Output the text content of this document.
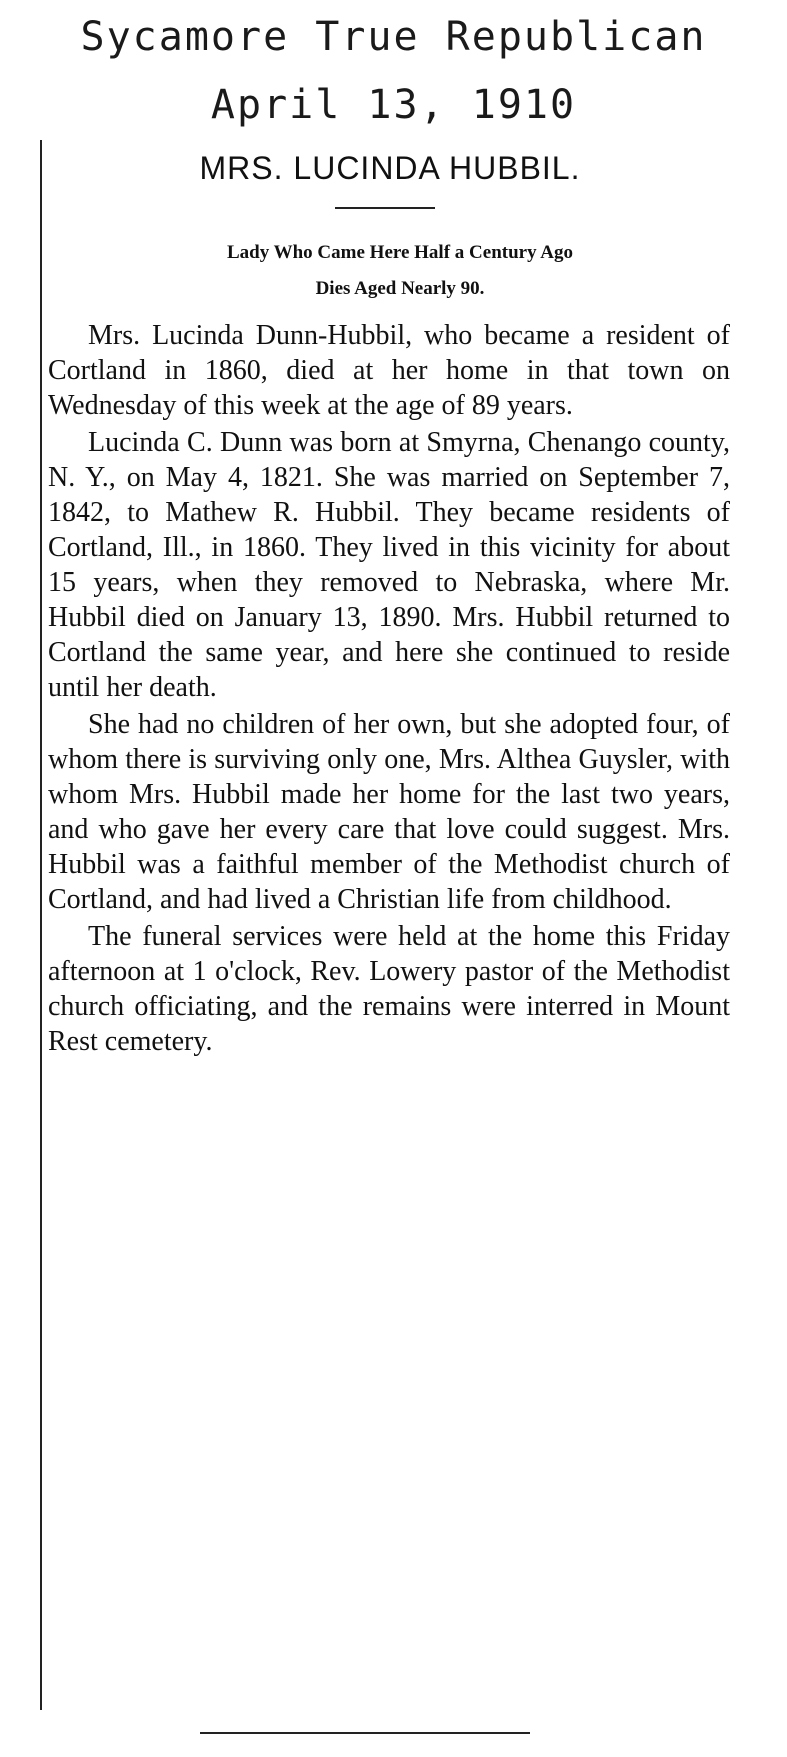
Sycamore True Republican
April 13, 1910
MRS. LUCINDA HUBBIL.
Lady Who Came Here Half a Century Ago
Dies Aged Nearly 90.

Mrs. Lucinda Dunn-Hubbil, who became a resident of Cortland in 1860, died at her home in that town on Wednesday of this week at the age of 89 years.

Lucinda C. Dunn was born at Smyrna, Chenango county, N. Y., on May 4, 1821. She was married on September 7, 1842, to Mathew R. Hubbil. They became residents of Cortland, Ill., in 1860. They lived in this vicinity for about 15 years, when they removed to Nebraska, where Mr. Hubbil died on January 13, 1890. Mrs. Hubbil returned to Cortland the same year, and here she continued to reside until her death.

She had no children of her own, but she adopted four, of whom there is surviving only one, Mrs. Althea Guysler, with whom Mrs. Hubbil made her home for the last two years, and who gave her every care that love could suggest. Mrs. Hubbil was a faithful member of the Methodist church of Cortland, and had lived a Christian life from childhood.

The funeral services were held at the home this Friday afternoon at 1 o'clock, Rev. Lowery pastor of the Methodist church officiating, and the remains were interred in Mount Rest cemetery.
